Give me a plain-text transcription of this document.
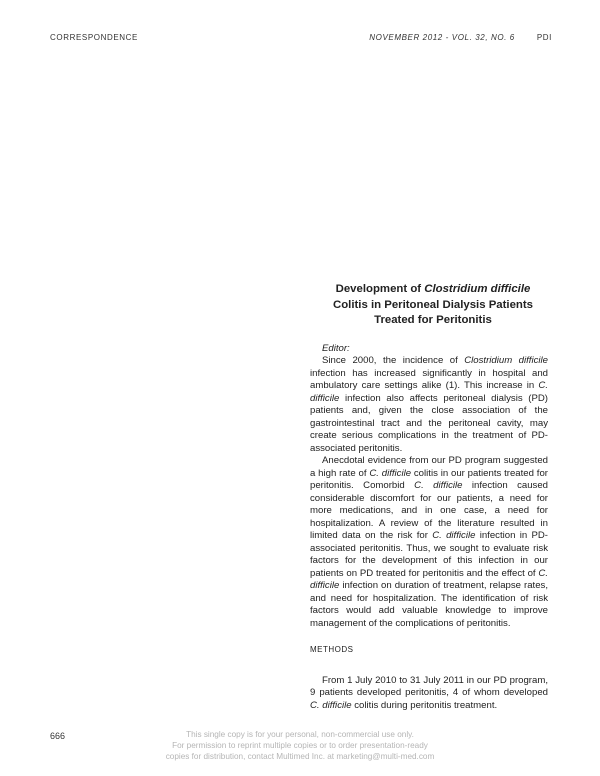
CORRESPONDENCE	NOVEMBER 2012 - VOL. 32, NO. 6	PDI
Development of Clostridium difficile
Colitis in Peritoneal Dialysis Patients
Treated for Peritonitis

Editor:

Since 2000, the incidence of Clostridium difficile infection has increased significantly in hospital and ambulatory care settings alike (1). This increase in C. difficile infection also affects peritoneal dialysis (PD) patients and, given the close association of the gastrointestinal tract and the peritoneal cavity, may create serious complications in the treatment of PD-associated peritonitis.

Anecdotal evidence from our PD program suggested a high rate of C. difficile colitis in our patients treated for peritonitis. Comorbid C. difficile infection caused considerable discomfort for our patients, a need for more medications, and in one case, a need for hospitalization. A review of the literature resulted in limited data on the risk for C. difficile infection in PD-associated peritonitis. Thus, we sought to evaluate risk factors for the development of this infection in our patients on PD treated for peritonitis and the effect of C. difficile infection on duration of treatment, relapse rates, and need for hospitalization. The identification of risk factors would add valuable knowledge to improve management of the complications of peritonitis.

METHODS

From 1 July 2010 to 31 July 2011 in our PD program, 9 patients developed peritonitis, 4 of whom developed C. difficile colitis during peritonitis treatment.

666	This single copy is for your personal, non-commercial use only.
For permission to reprint multiple copies or to order presentation-ready
copies for distribution, contact Multimed Inc. at marketing@multi-med.com
